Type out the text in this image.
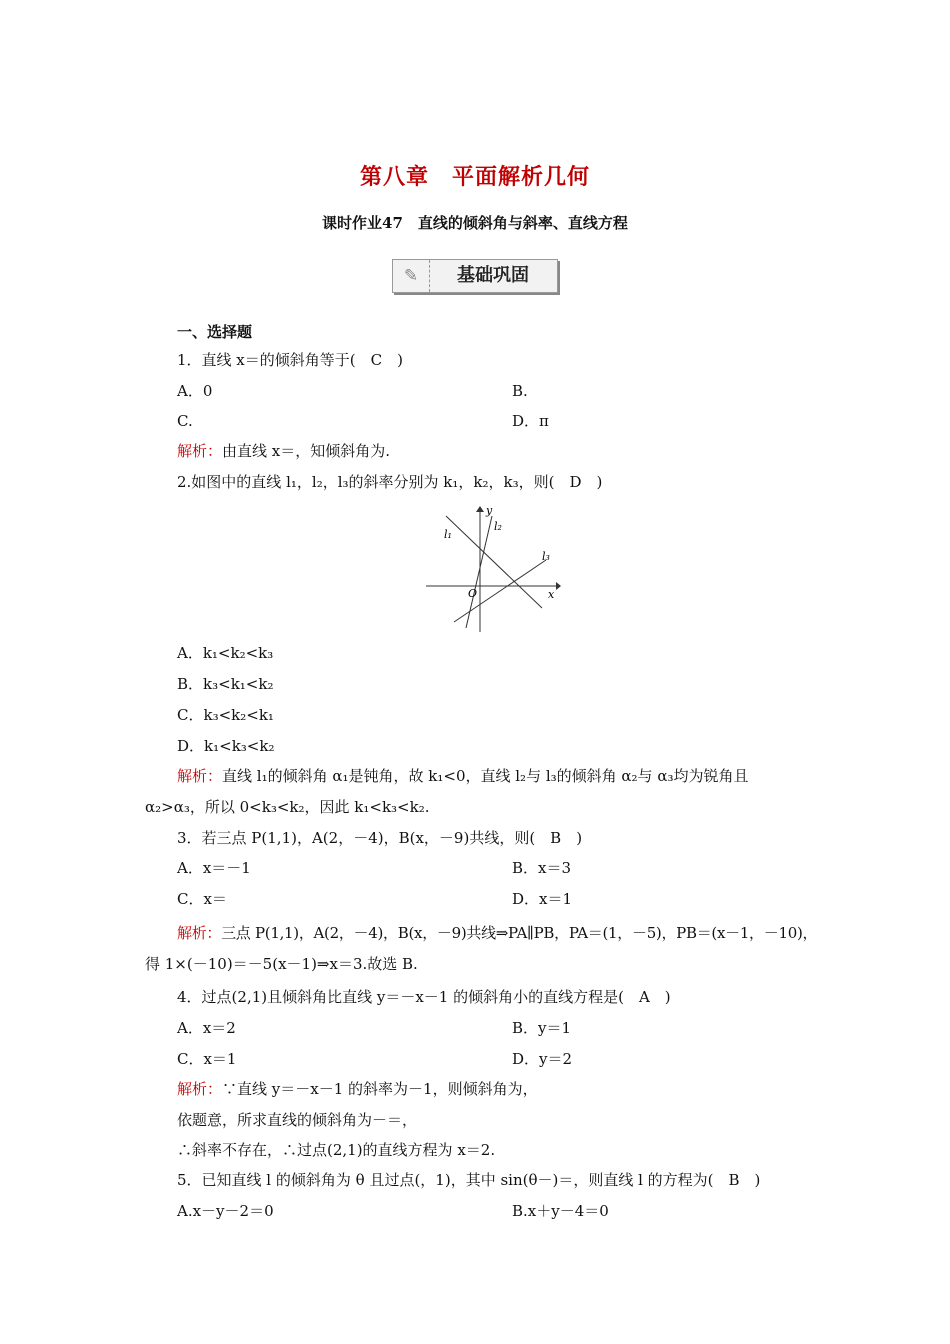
第八章　平面解析几何
课时作业47　直线的倾斜角与斜率、直线方程
✎	基础巩固
一、选择题
1．直线 x＝的倾斜角等于(　C　)
A．0	B.
C.	D．π
解析：由直线 x＝，知倾斜角为.
2.如图中的直线 l₁，l₂，l₃的斜率分别为 k₁，k₂，k₃，则(　D　)
y
x
O
l₁
l₂
l₃
A．k₁<k₂<k₃
B．k₃<k₁<k₂
C．k₃<k₂<k₁
D．k₁<k₃<k₂
解析：直线 l₁的倾斜角 α₁是钝角，故 k₁<0，直线 l₂与 l₃的倾斜角 α₂与 α₃均为锐角且
α₂>α₃，所以 0<k₃<k₂，因此 k₁<k₃<k₂.
3．若三点 P(1,1)，A(2，－4)，B(x，－9)共线，则(　B　)
A．x＝－1	B．x＝3
C．x＝	D．x＝1
解析：三点 P(1,1)，A(2，－4)，B(x，－9)共线⇒PA∥PB，PA＝(1，－5)，PB＝(x－1，－10)，
得 1×(－10)＝－5(x－1)⇒x＝3.故选 B.
4．过点(2,1)且倾斜角比直线 y＝－x－1 的倾斜角小的直线方程是(　A　)
A．x＝2	B．y＝1
C．x＝1	D．y＝2
解析：∵直线 y＝－x－1 的斜率为－1，则倾斜角为，
依题意，所求直线的倾斜角为－＝，
∴斜率不存在，∴过点(2,1)的直线方程为 x＝2.
5．已知直线 l 的倾斜角为 θ 且过点(，1)，其中 sin(θ－)＝，则直线 l 的方程为(　B　)
A.x－y－2＝0	B.x＋y－4＝0
